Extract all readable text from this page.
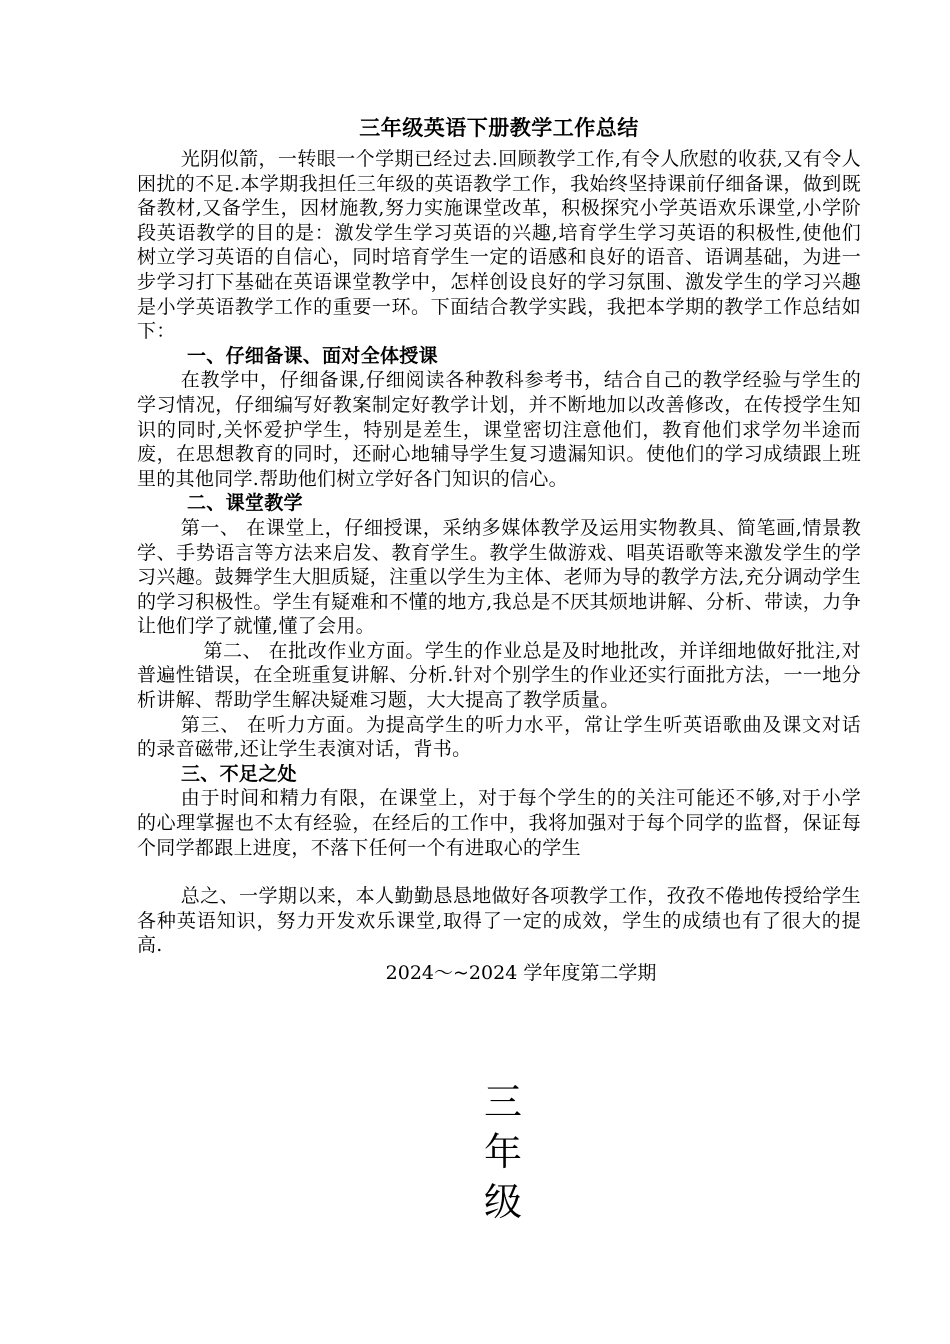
三年级英语下册教学工作总结

光阴似箭，一转眼一个学期已经过去.回顾教学工作,有令人欣慰的收获,又有令人困扰的不足.本学期我担任三年级的英语教学工作，我始终坚持课前仔细备课，做到既备教材,又备学生，因材施教,努力实施课堂改革，积极探究小学英语欢乐课堂,小学阶段英语教学的目的是：激发学生学习英语的兴趣,培育学生学习英语的积极性,使他们树立学习英语的自信心，同时培育学生一定的语感和良好的语音、语调基础，为进一步学习打下基础在英语课堂教学中，怎样创设良好的学习氛围、激发学生的学习兴趣是小学英语教学工作的重要一环。下面结合教学实践，我把本学期的教学工作总结如下：

一、仔细备课、面对全体授课

在教学中，仔细备课,仔细阅读各种教科参考书，结合自己的教学经验与学生的学习情况，仔细编写好教案制定好教学计划，并不断地加以改善修改，在传授学生知识的同时,关怀爱护学生，特别是差生，课堂密切注意他们，教育他们求学勿半途而废，在思想教育的同时，还耐心地辅导学生复习遗漏知识。使他们的学习成绩跟上班里的其他同学.帮助他们树立学好各门知识的信心。

二、课堂教学

第一、 在课堂上，仔细授课，采纳多媒体教学及运用实物教具、简笔画,情景教学、手势语言等方法来启发、教育学生。教学生做游戏、唱英语歌等来激发学生的学习兴趣。鼓舞学生大胆质疑，注重以学生为主体、老师为导的教学方法,充分调动学生的学习积极性。学生有疑难和不懂的地方,我总是不厌其烦地讲解、分析、带读，力争让他们学了就懂,懂了会用。

第二、 在批改作业方面。学生的作业总是及时地批改，并详细地做好批注,对普遍性错误，在全班重复讲解、分析.针对个别学生的作业还实行面批方法，一一地分析讲解、帮助学生解决疑难习题，大大提高了教学质量。

第三、 在听力方面。为提高学生的听力水平，常让学生听英语歌曲及课文对话的录音磁带,还让学生表演对话，背书。

三、不足之处

由于时间和精力有限，在课堂上，对于每个学生的的关注可能还不够,对于小学的心理掌握也不太有经验，在经后的工作中，我将加强对于每个同学的监督，保证每个同学都跟上进度，不落下任何一个有进取心的学生

总之、一学期以来，本人勤勤恳恳地做好各项教学工作，孜孜不倦地传授给学生各种英语知识，努力开发欢乐课堂,取得了一定的成效，学生的成绩也有了很大的提高.

2024～~2024 学年度第二学期
三
年
级
